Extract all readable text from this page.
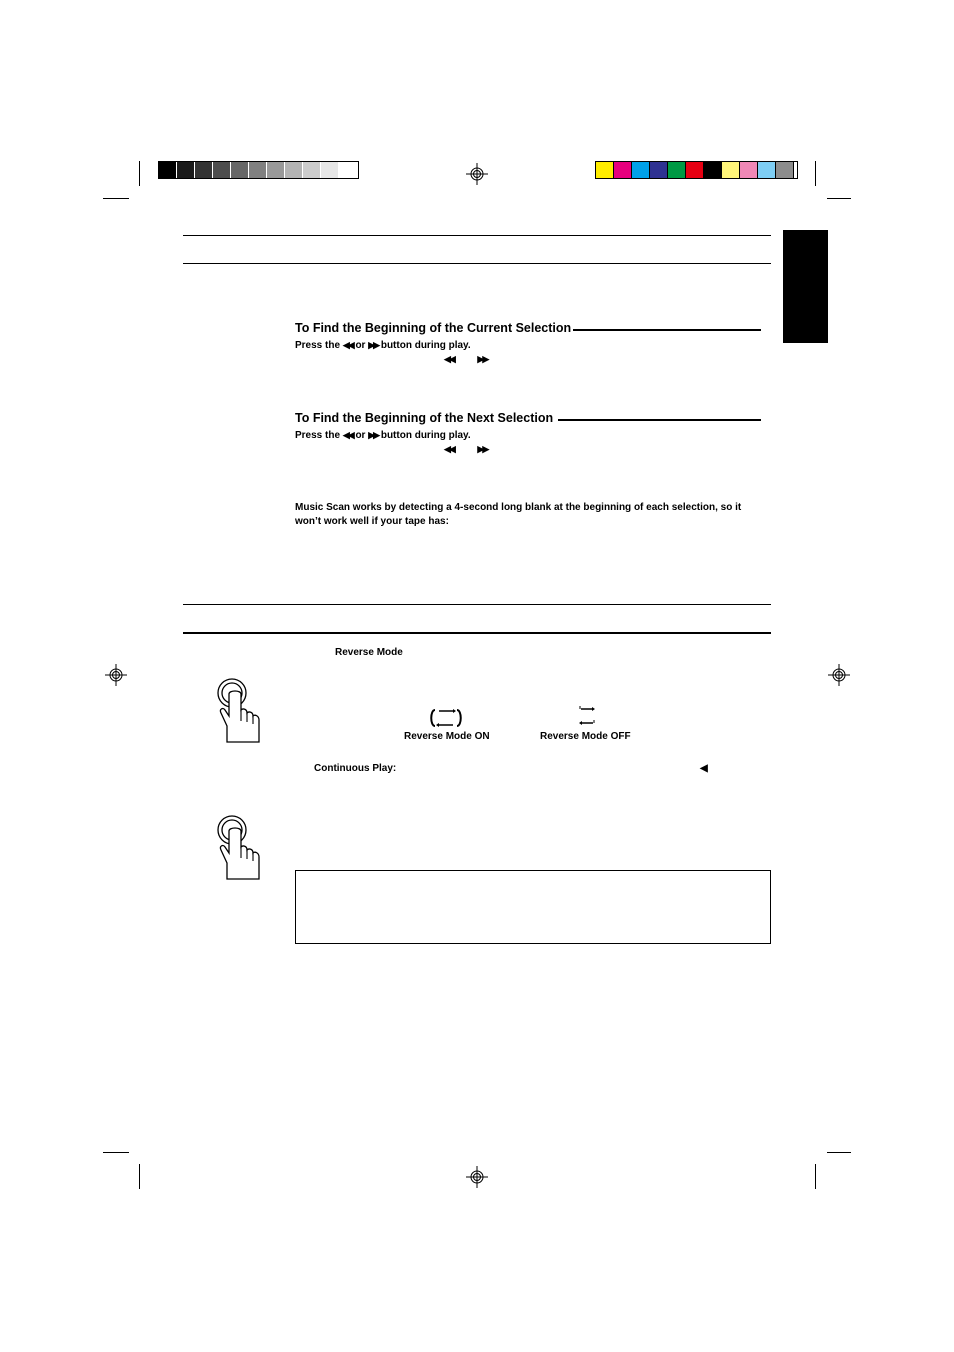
To Find the Beginning of the Current Selection
Press the ◀◀ or ▶▶ button during play.
◀◀	▶▶
To Find the Beginning of the Next Selection
Press the ◀◀ or ▶▶ button during play.
◀◀	▶▶
Music Scan works by detecting a 4-second long blank at the beginning of each selection, so it
won’t work well if your tape has:
Reverse Mode
Reverse Mode ON	Reverse Mode OFF
Continuous Play:	◀
